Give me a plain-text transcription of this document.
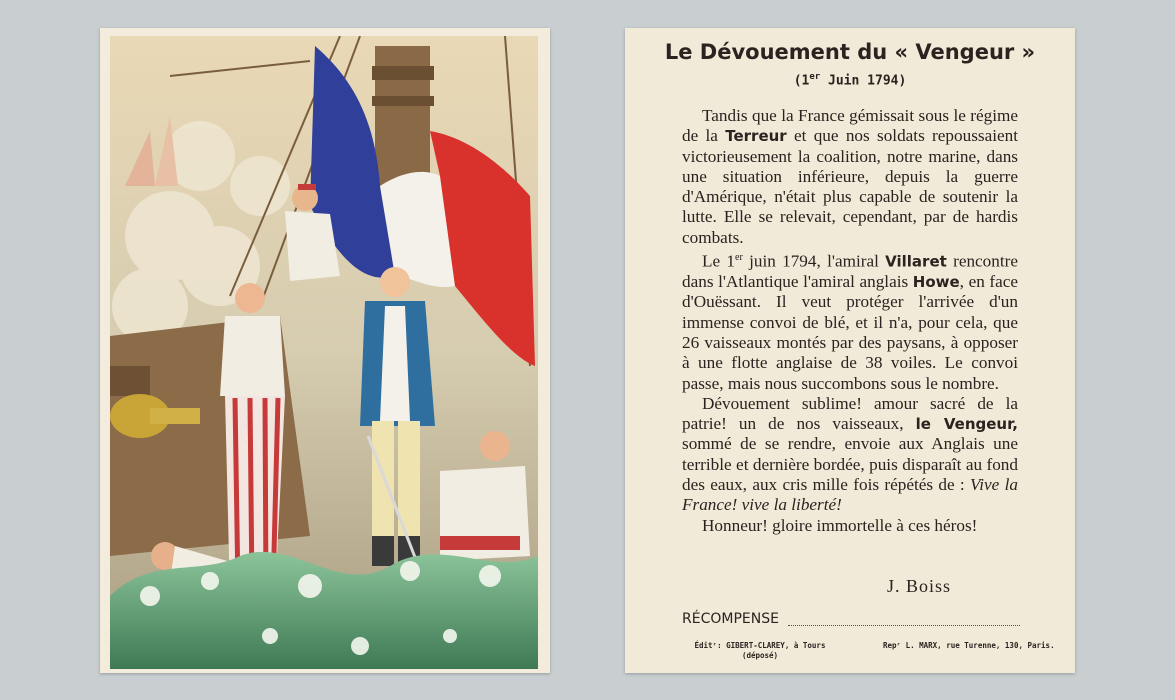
Le Dévouement du « Vengeur »
(1er Juin 1794)

Tandis que la France gémissait sous le régime de la Terreur et que nos soldats repoussaient victorieusement la coalition, notre marine, dans une situation inférieure, depuis la guerre d'Amérique, n'était plus capable de soutenir la lutte. Elle se relevait, cependant, par de hardis combats.

Le 1er juin 1794, l'amiral Villaret rencontre dans l'Atlantique l'amiral anglais Howe, en face d'Ouëssant. Il veut protéger l'arrivée d'un immense convoi de blé, et il n'a, pour cela, que 26 vaisseaux montés par des paysans, à opposer à une flotte anglaise de 38 voiles. Le convoi passe, mais nous succombons sous le nombre.

Dévouement sublime! amour sacré de la patrie! un de nos vaisseaux, le Vengeur, sommé de se rendre, envoie aux Anglais une terrible et dernière bordée, puis disparaît au fond des eaux, aux cris mille fois répétés de : Vive la France! vive la liberté!

Honneur! gloire immortelle à ces héros!

J. Boiss
RÉCOMPENSE
Éditʳ: GIBERT-CLAREY, à Tours
(déposé)
Repʳ L. MARX, rue Turenne, 130, Paris.
